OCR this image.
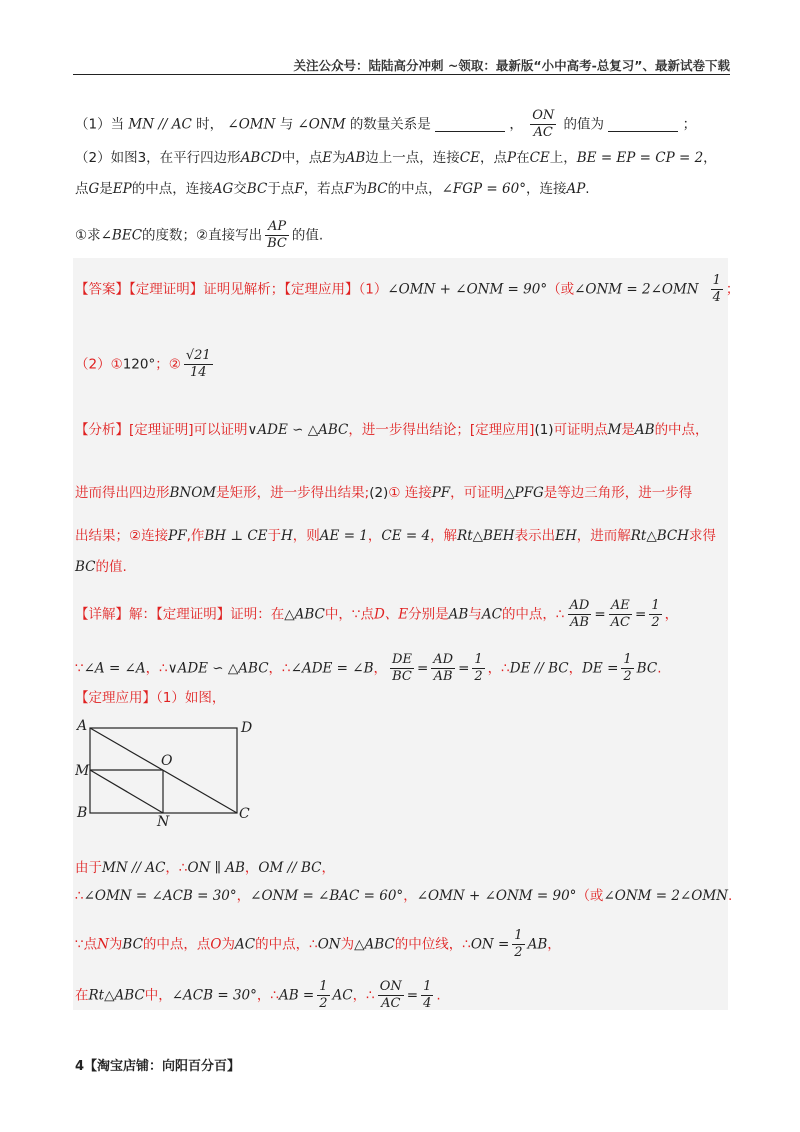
关注公众号：陆陆高分冲刺 ~领取：最新版“小中高考-总复习”、最新试卷下载
（1）当 MN // AC 时， ∠OMN 与 ∠ONM 的数量关系是	， $\frac{ON}{AC}$ 的值为	；
（2）如图3，在平行四边形ABCD中，点E为AB边上一点，连接CE，点P在CE上，BE = EP = CP = 2，
点G是EP的中点，连接AG交BC于点F，若点F为BC的中点，∠FGP = 60°，连接AP.
①求∠BEC的度数；②直接写出 $\frac{AP}{BC}$ 的值.
【答案】【定理证明】证明见解析；【定理应用】（1）∠OMN + ∠ONM = 90°（或∠ONM = 2∠OMN $\frac{1}{4}$ ；
（2）①120°；② $\frac{√21}{14}$
【分析】[定理证明]可以证明∨ADE ∽ △ABC，进一步得出结论；[定理应用](1)可证明点M是AB的中点，
进而得出四边形BNOM是矩形，进一步得出结果;(2)① 连接PF，可证明△PFG是等边三角形，进一步得
出结果；②连接PF,作BH ⊥ CE于H，则AE = 1，CE = 4，解Rt△BEH表示出EH，进而解Rt△BCH求得
BC的值.
【详解】解：【定理证明】证明：在△ABC中，∵点D、E分别是AB与AC的中点，∴ $\frac{AD}{AB} = \frac{AE}{AC} = \frac{1}{2}$ ，
∵∠A = ∠A，∴∨ADE ∽ △ABC，∴∠ADE = ∠B， $\frac{DE}{BC} = \frac{AD}{AB} = \frac{1}{2}$ ，∴DE // BC，DE = $\frac{1}{2}$ BC.
【定理应用】（1）如图，
A	D
M
O
B
N	C
由于MN // AC，∴ON ∥ AB，OM // BC，
∴∠OMN = ∠ACB = 30°，∠ONM = ∠BAC = 60°，∠OMN + ∠ONM = 90°（或∠ONM = 2∠OMN.
∵点N为BC的中点，点O为AC的中点，∴ON为△ABC的中位线，∴ON = $\frac{1}{2}$ AB，
在Rt△ABC中，∠ACB = 30°，∴AB = $\frac{1}{2}$ AC，∴ $\frac{ON}{AC} = \frac{1}{4}$ .
4【淘宝店铺：向阳百分百】
